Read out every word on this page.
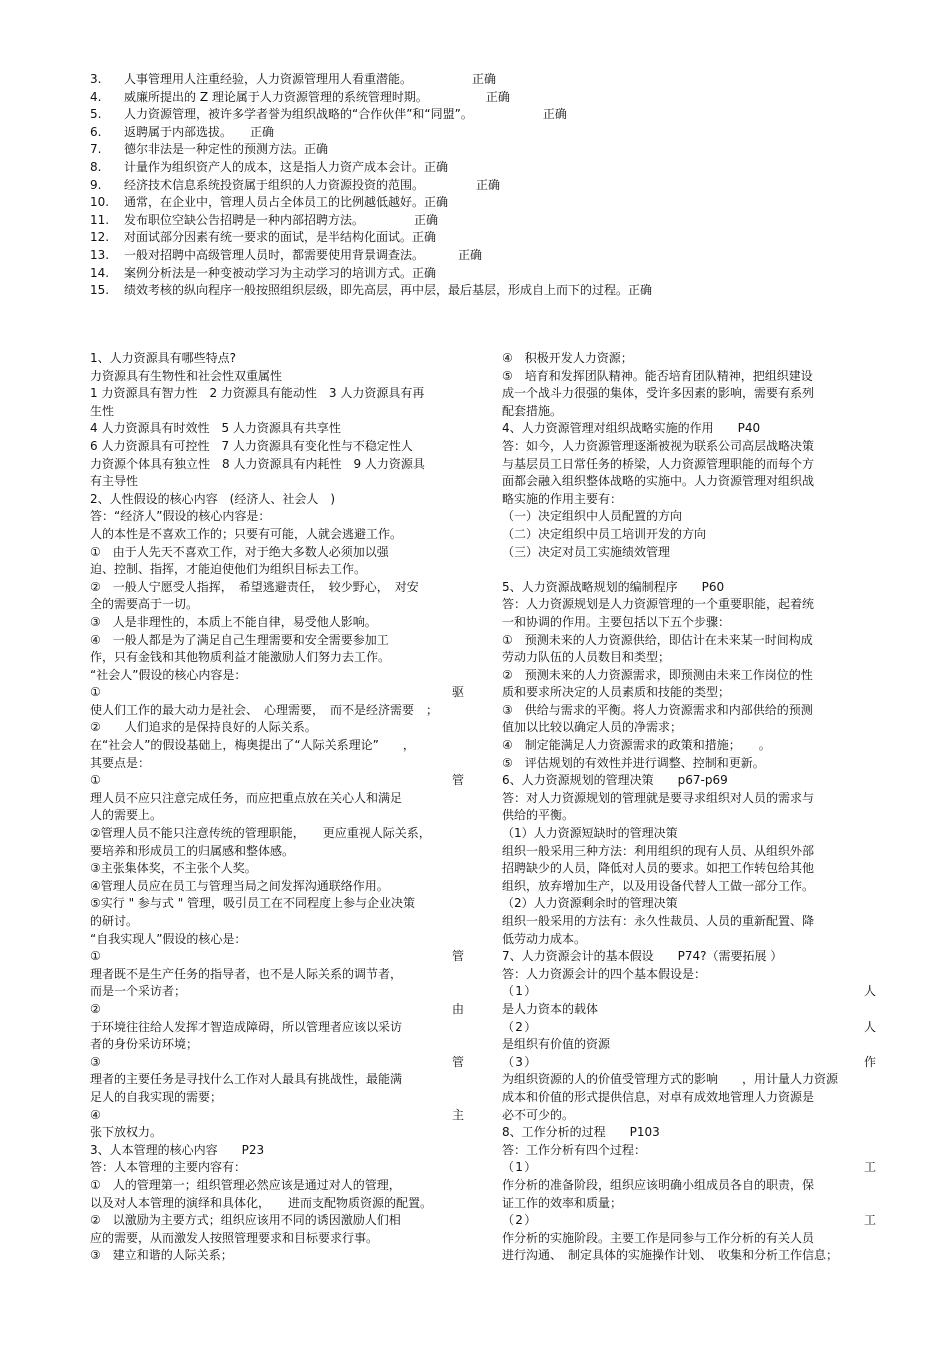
3.	人事管理用人注重经验，人力资源管理用人看重潜能。	正确
4.	威廉所提出的 Z 理论属于人力资源管理的系统管理时期。	正确
5.	人力资源管理，被许多学者誉为组织战略的“合作伙伴”和“同盟”。	正确
6.	返聘属于内部选拔。 正确
7.	德尔非法是一种定性的预测方法。正确
8.	计量作为组织资产人的成本，这是指人力资产成本会计。正确
9.	经济技术信息系统投资属于组织的人力资源投资的范围。	正确
10.	通常，在企业中，管理人员占全体员工的比例越低越好。正确
11.	发布职位空缺公告招聘是一种内部招聘方法。	正确
12.	对面试部分因素有统一要求的面试，是半结构化面试。正确
13.	一般对招聘中高级管理人员时，都需要使用背景调查法。	正确
14.	案例分析法是一种变被动学习为主动学习的培训方式。正确
15.	绩效考核的纵向程序一般按照组织层级，即先高层，再中层，最后基层，形成自上而下的过程。正确
1、人力资源具有哪些特点?
力资源具有生物性和社会性双重属性
1 力资源具有智力性　2 力资源具有能动性　3 人力资源具有再
生性
4 人力资源具有时效性　5 人力资源具有共享性
6 人力资源具有可控性　7 人力资源具有变化性与不稳定性人
力资源个体具有独立性　8 人力资源具有内耗性　9 人力资源具
有主导性
2、人性假设的核心内容　(经济人、社会人　)
答：“经济人”假设的核心内容是：
人的本性是不喜欢工作的；只要有可能，人就会逃避工作。
①　由于人先天不喜欢工作，对于绝大多数人必须加以强
迫、控制、指挥，才能迫使他们为组织目标去工作。
②　一般人宁愿受人指挥，　希望逃避责任，　较少野心，　对安
全的需要高于一切。
③　人是非理性的，本质上不能自律，易受他人影响。
④　一般人都是为了满足自己生理需要和安全需要参加工
作，只有金钱和其他物质利益才能激励人们努力去工作。
“社会人”假设的核心内容是：
①　　　　　　　　　　　　　　　　　　　　　　　　　　　驱
使人们工作的最大动力是社会、　心理需要，　而不是经济需要　；
②　　人们追求的是保持良好的人际关系。
在“社会人”的假设基础上，梅奥提出了“人际关系理论”　　，
其要点是：
①　　　　　　　　　　　　　　　　　　　　　　　　　　　管
理人员不应只注意完成任务，而应把重点放在关心人和满足
人的需要上。
②管理人员不能只注意传统的管理职能，　　更应重视人际关系，
要培养和形成员工的归属感和整体感。
③主张集体奖，不主张个人奖。
④管理人员应在员工与管理当局之间发挥沟通联络作用。
⑤实行 " 参与式 " 管理，吸引员工在不同程度上参与企业决策
的研讨。
“自我实现人”假设的核心是：
①　　　　　　　　　　　　　　　　　　　　　　　　　　　管
理者既不是生产任务的指导者，也不是人际关系的调节者，
而是一个采访者；
②　　　　　　　　　　　　　　　　　　　　　　　　　　　由
于环境往往给人发挥才智造成障碍，所以管理者应该以采访
者的身份采访环境；
③　　　　　　　　　　　　　　　　　　　　　　　　　　　管
理者的主要任务是寻找什么工作对人最具有挑战性，最能满
足人的自我实现的需要；
④　　　　　　　　　　　　　　　　　　　　　　　　　　　主
张下放权力。
3、人本管理的核心内容　　P23
答：人本管理的主要内容有：
①　人的管理第一；组织管理必然应该是通过对人的管理，
以及对人本管理的演绎和具体化，　　进而支配物质资源的配置。
②　以激励为主要方式；组织应该用不同的诱因激励人们相
应的需要，从而激发人按照管理要求和目标要求行事。
③　建立和谐的人际关系；
④　积极开发人力资源；
⑤　培育和发挥团队精神。能否培育团队精神，把组织建设
成一个战斗力很强的集体，受许多因素的影响，需要有系列
配套措施。
4、人力资源管理对组织战略实施的作用　　P40
答：如今，人力资源管理逐渐被视为联系公司高层战略决策
与基层员工日常任务的桥梁，人力资源管理职能的而每个方
面都会融入组织整体战略的实施中。人力资源管理对组织战
略实施的作用主要有：
（一）决定组织中人员配置的方向
（二）决定组织中员工培训开发的方向
（三）决定对员工实施绩效管理
5、人力资源战略规划的编制程序　　P60
答：人力资源规划是人力资源管理的一个重要职能，起着统
一和协调的作用。主要包括以下五个步骤：
①　预测未来的人力资源供给，即估计在未来某一时间构成
劳动力队伍的人员数目和类型；
②　预测未来的人力资源需求，即预测由未来工作岗位的性
质和要求所决定的人员素质和技能的类型；
③　供给与需求的平衡。将人力资源需求和内部供给的预测
值加以比较以确定人员的净需求；
④　制定能满足人力资源需求的政策和措施；　　。
⑤　评估规划的有效性并进行调整、控制和更新。
6、人力资源规划的管理决策　　p67-p69
答：对人力资源规划的管理就是要寻求组织对人员的需求与
供给的平衡。
（1）人力资源短缺时的管理决策
组织一般采用三种方法：利用组织的现有人员、从组织外部
招聘缺少的人员，降低对人员的要求。如把工作转包给其他
组织，放弃增加生产，以及用设备代替人工做一部分工作。
（2）人力资源剩余时的管理决策
组织一般采用的方法有：永久性裁员、人员的重新配置、降
低劳动力成本。
7、人力资源会计的基本假设　　P74?（需要拓展 ）
答：人力资源会计的四个基本假设是：
（1）　　　　　　　　　　　　　　　　　　　　　　　　　人
是人力资本的载体
（2）　　　　　　　　　　　　　　　　　　　　　　　　　人
是组织有价值的资源
（3）　　　　　　　　　　　　　　　　　　　　　　　　　作
为组织资源的人的价值受管理方式的影响　　，用计量人力资源
成本和价值的形式提供信息，对卓有成效地管理人力资源是
必不可少的。
8、工作分析的过程　　P103
答：工作分析有四个过程：
（1）　　　　　　　　　　　　　　　　　　　　　　　　　工
作分析的准备阶段，组织应该明确小组成员各自的职责，保
证工作的效率和质量；
（2）　　　　　　　　　　　　　　　　　　　　　　　　　工
作分析的实施阶段。主要工作是同参与工作分析的有关人员
进行沟通、　制定具体的实施操作计划、　收集和分析工作信息；
